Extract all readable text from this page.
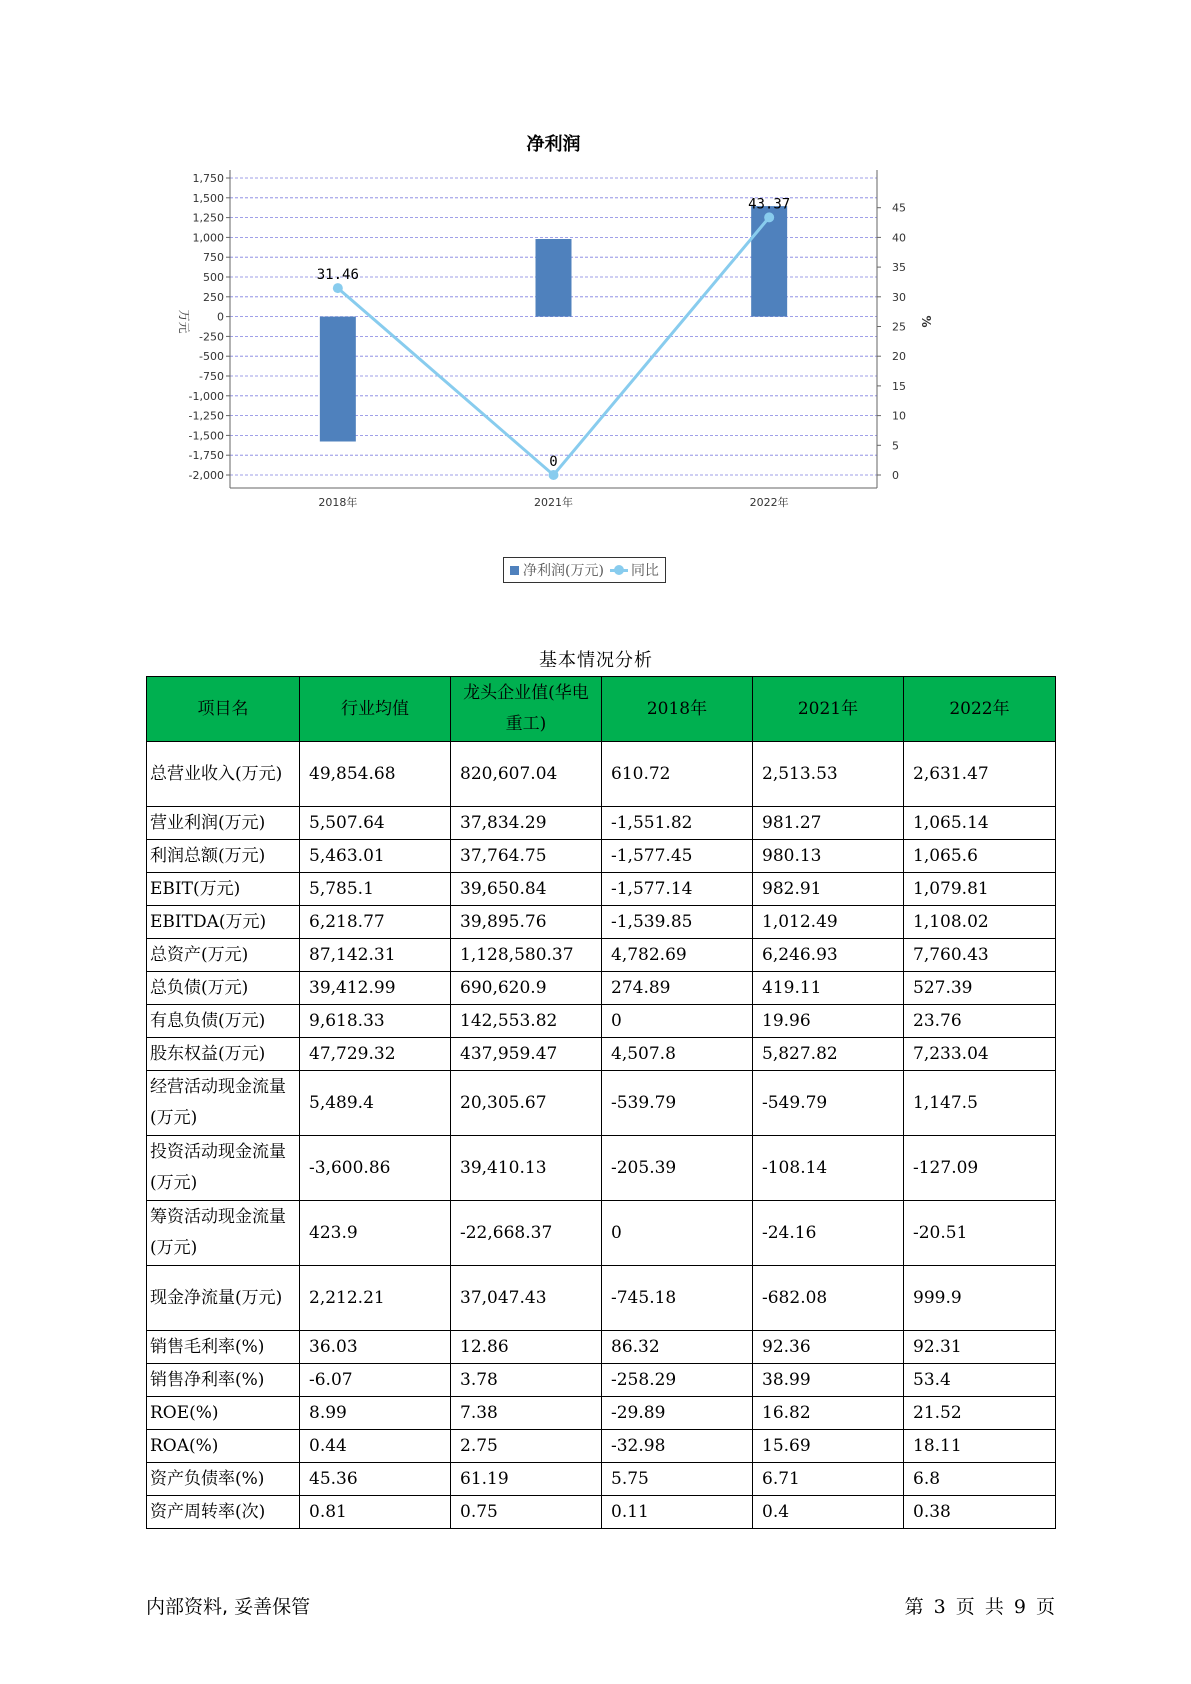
净利润
1,750
1,500
1,250
1,000
750
500
250
0
-250
-500
-750
-1,000
-1,250
-1,500
-1,750
-2,000
45
40
35
30
25
20
15
10
5
0
万元	%
2018年	2021年	2022年
31.46
0
43.37
净利润(万元) 同比
基本情况分析
项目名	行业均值	龙头企业值(华电重工)	2018年	2021年	2022年
总营业收入(万元)	49,854.68	820,607.04	610.72	2,513.53	2,631.47
营业利润(万元)	5,507.64	37,834.29	-1,551.82	981.27	1,065.14
利润总额(万元)	5,463.01	37,764.75	-1,577.45	980.13	1,065.6
EBIT(万元)	5,785.1	39,650.84	-1,577.14	982.91	1,079.81
EBITDA(万元)	6,218.77	39,895.76	-1,539.85	1,012.49	1,108.02
总资产(万元)	87,142.31	1,128,580.37	4,782.69	6,246.93	7,760.43
总负债(万元)	39,412.99	690,620.9	274.89	419.11	527.39
有息负债(万元)	9,618.33	142,553.82	0	19.96	23.76
股东权益(万元)	47,729.32	437,959.47	4,507.8	5,827.82	7,233.04
经营活动现金流量(万元)	5,489.4	20,305.67	-539.79	-549.79	1,147.5
投资活动现金流量(万元)	-3,600.86	39,410.13	-205.39	-108.14	-127.09
筹资活动现金流量(万元)	423.9	-22,668.37	0	-24.16	-20.51
现金净流量(万元)	2,212.21	37,047.43	-745.18	-682.08	999.9
销售毛利率(%)	36.03	12.86	86.32	92.36	92.31
销售净利率(%)	-6.07	3.78	-258.29	38.99	53.4
ROE(%)	8.99	7.38	-29.89	16.82	21.52
ROA(%)	0.44	2.75	-32.98	15.69	18.11
资产负债率(%)	45.36	61.19	5.75	6.71	6.8
资产周转率(次)	0.81	0.75	0.11	0.4	0.38
内部资料, 妥善保管	第 3 页 共 9 页
